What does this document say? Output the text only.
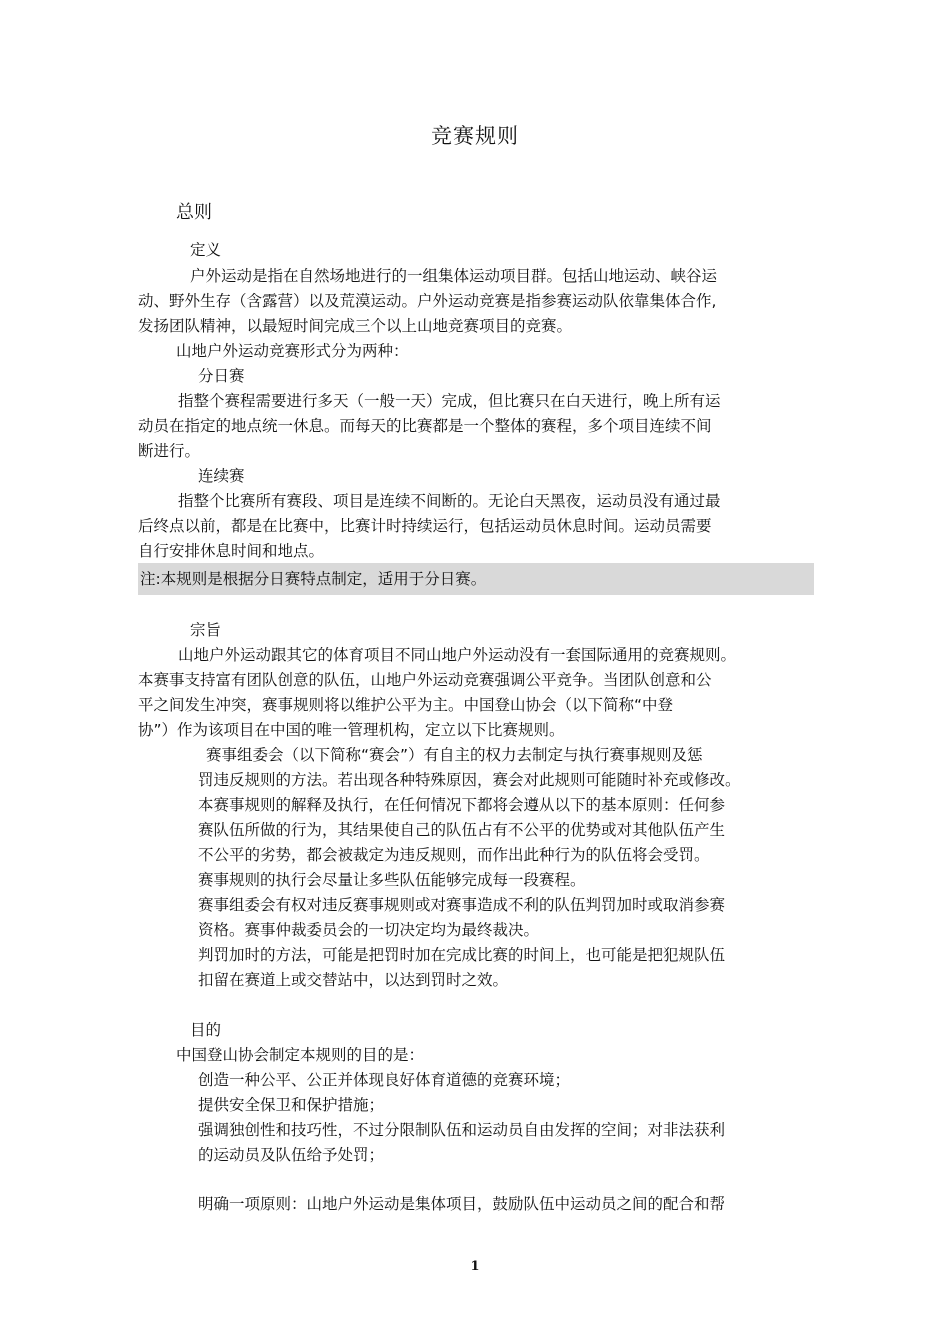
竞赛规则
总则
定义
户外运动是指在自然场地进行的一组集体运动项目群。包括山地运动、峡谷运
动、野外生存（含露营）以及荒漠运动。户外运动竞赛是指参赛运动队依靠集体合作,
发扬团队精神，以最短时间完成三个以上山地竞赛项目的竞赛。
山地户外运动竞赛形式分为两种：
分日赛
指整个赛程需要进行多天（一般一天）完成，但比赛只在白天进行，晚上所有运
动员在指定的地点统一休息。而每天的比赛都是一个整体的赛程，多个项目连续不间
断进行。
连续赛
指整个比赛所有赛段、项目是连续不间断的。无论白天黑夜，运动员没有通过最
后终点以前，都是在比赛中，比赛计时持续运行，包括运动员休息时间。运动员需要
自行安排休息时间和地点。
注:本规则是根据分日赛特点制定，适用于分日赛。
宗旨
山地户外运动跟其它的体育项目不同山地户外运动没有一套国际通用的竞赛规则。
本赛事支持富有团队创意的队伍，山地户外运动竞赛强调公平竞争。当团队创意和公
平之间发生冲突，赛事规则将以维护公平为主。中国登山协会（以下简称“中登
协”）作为该项目在中国的唯一管理机构，定立以下比赛规则。
赛事组委会（以下简称“赛会”）有自主的权力去制定与执行赛事规则及惩
罚违反规则的方法。若出现各种特殊原因，赛会对此规则可能随时补充或修改。
本赛事规则的解释及执行，在任何情况下都将会遵从以下的基本原则：任何参
赛队伍所做的行为，其结果使自己的队伍占有不公平的优势或对其他队伍产生
不公平的劣势，都会被裁定为违反规则，而作出此种行为的队伍将会受罚。
赛事规则的执行会尽量让多些队伍能够完成每一段赛程。
赛事组委会有权对违反赛事规则或对赛事造成不利的队伍判罚加时或取消参赛
资格。赛事仲裁委员会的一切决定均为最终裁决。
判罚加时的方法，可能是把罚时加在完成比赛的时间上，也可能是把犯规队伍
扣留在赛道上或交替站中，以达到罚时之效。
目的
中国登山协会制定本规则的目的是：
创造一种公平、公正并体现良好体育道德的竞赛环境；
提供安全保卫和保护措施；
强调独创性和技巧性，不过分限制队伍和运动员自由发挥的空间；对非法获利
的运动员及队伍给予处罚；
明确一项原则：山地户外运动是集体项目，鼓励队伍中运动员之间的配合和帮
1
